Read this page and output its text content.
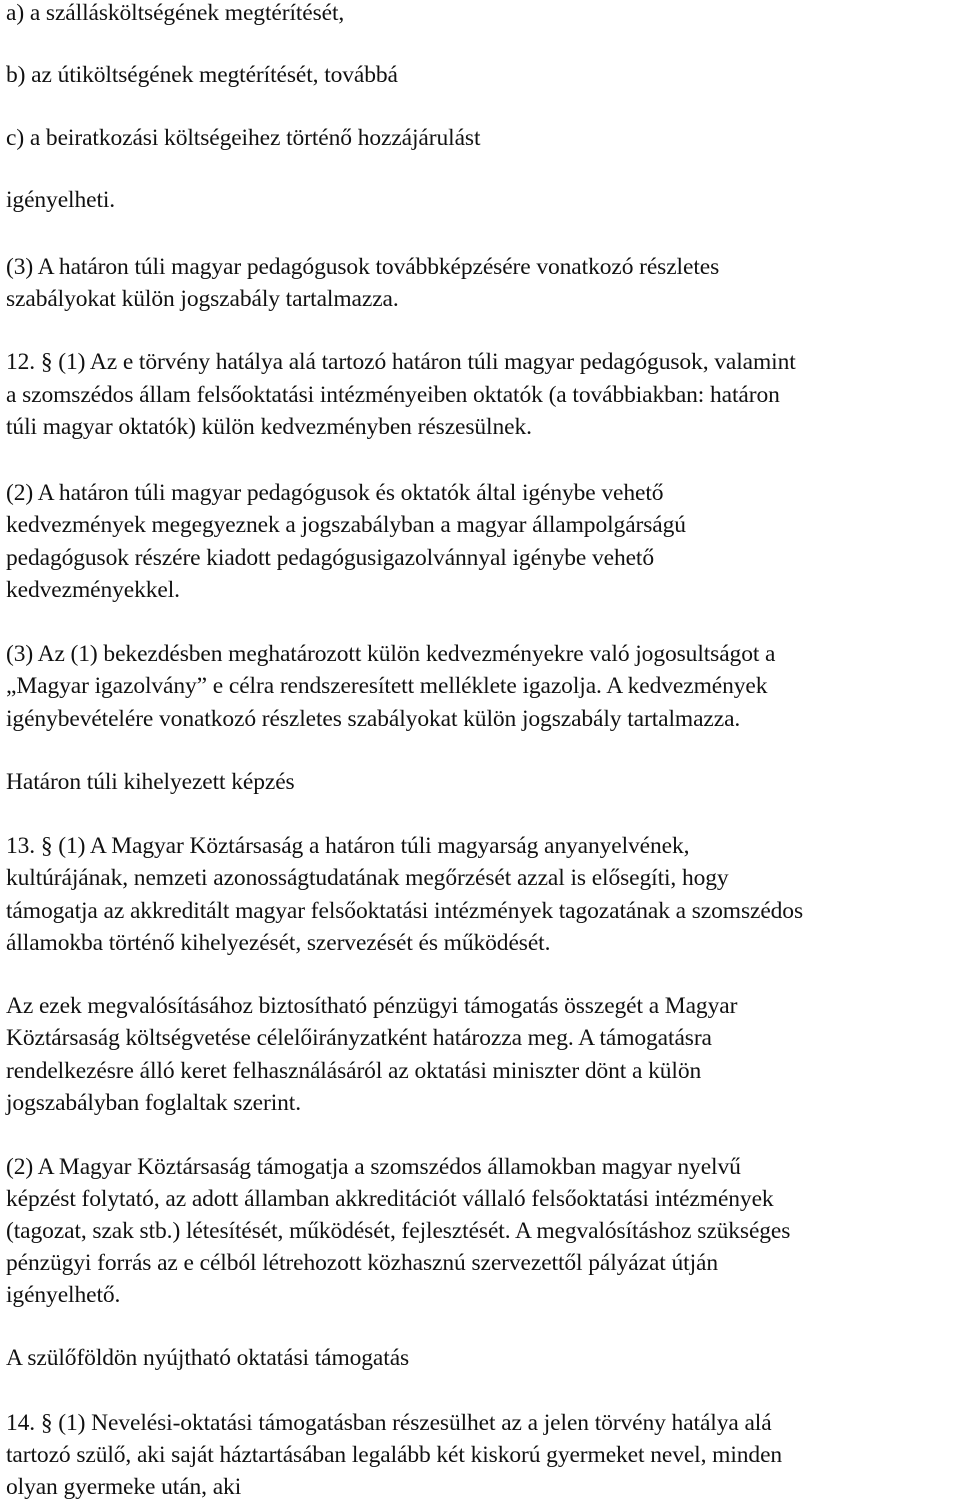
a) a szállásköltségének megtérítését,

b) az útiköltségének megtérítését, továbbá

c) a beiratkozási költségeihez történő hozzájárulást

igényelheti.

(3) A határon túli magyar pedagógusok továbbképzésére vonatkozó részletes

szabályokat külön jogszabály tartalmazza.

12. § (1) Az e törvény hatálya alá tartozó határon túli magyar pedagógusok, valamint

a szomszédos állam felsőoktatási intézményeiben oktatók (a továbbiakban: határon

túli magyar oktatók) külön kedvezményben részesülnek.

(2) A határon túli magyar pedagógusok és oktatók által igénybe vehető

kedvezmények megegyeznek a jogszabályban a magyar állampolgárságú

pedagógusok részére kiadott pedagógusigazolvánnyal igénybe vehető

kedvezményekkel.

(3) Az (1) bekezdésben meghatározott külön kedvezményekre való jogosultságot a

„Magyar igazolvány” e célra rendszeresített melléklete igazolja. A kedvezmények

igénybevételére vonatkozó részletes szabályokat külön jogszabály tartalmazza.

Határon túli kihelyezett képzés

13. § (1) A Magyar Köztársaság a határon túli magyarság anyanyelvének,

kultúrájának, nemzeti azonosságtudatának megőrzését azzal is elősegíti, hogy

támogatja az akkreditált magyar felsőoktatási intézmények tagozatának a szomszédos

államokba történő kihelyezését, szervezését és működését.

Az ezek megvalósításához biztosítható pénzügyi támogatás összegét a Magyar

Köztársaság költségvetése célelőirányzatként határozza meg. A támogatásra

rendelkezésre álló keret felhasználásáról az oktatási miniszter dönt a külön

jogszabályban foglaltak szerint.

(2) A Magyar Köztársaság támogatja a szomszédos államokban magyar nyelvű

képzést folytató, az adott államban akkreditációt vállaló felsőoktatási intézmények

(tagozat, szak stb.) létesítését, működését, fejlesztését. A megvalósításhoz szükséges

pénzügyi forrás az e célból létrehozott közhasznú szervezettől pályázat útján

igényelhető.

A szülőföldön nyújtható oktatási támogatás

14. § (1) Nevelési-oktatási támogatásban részesülhet az a jelen törvény hatálya alá

tartozó szülő, aki saját háztartásában legalább két kiskorú gyermeket nevel, minden

olyan gyermeke után, aki
